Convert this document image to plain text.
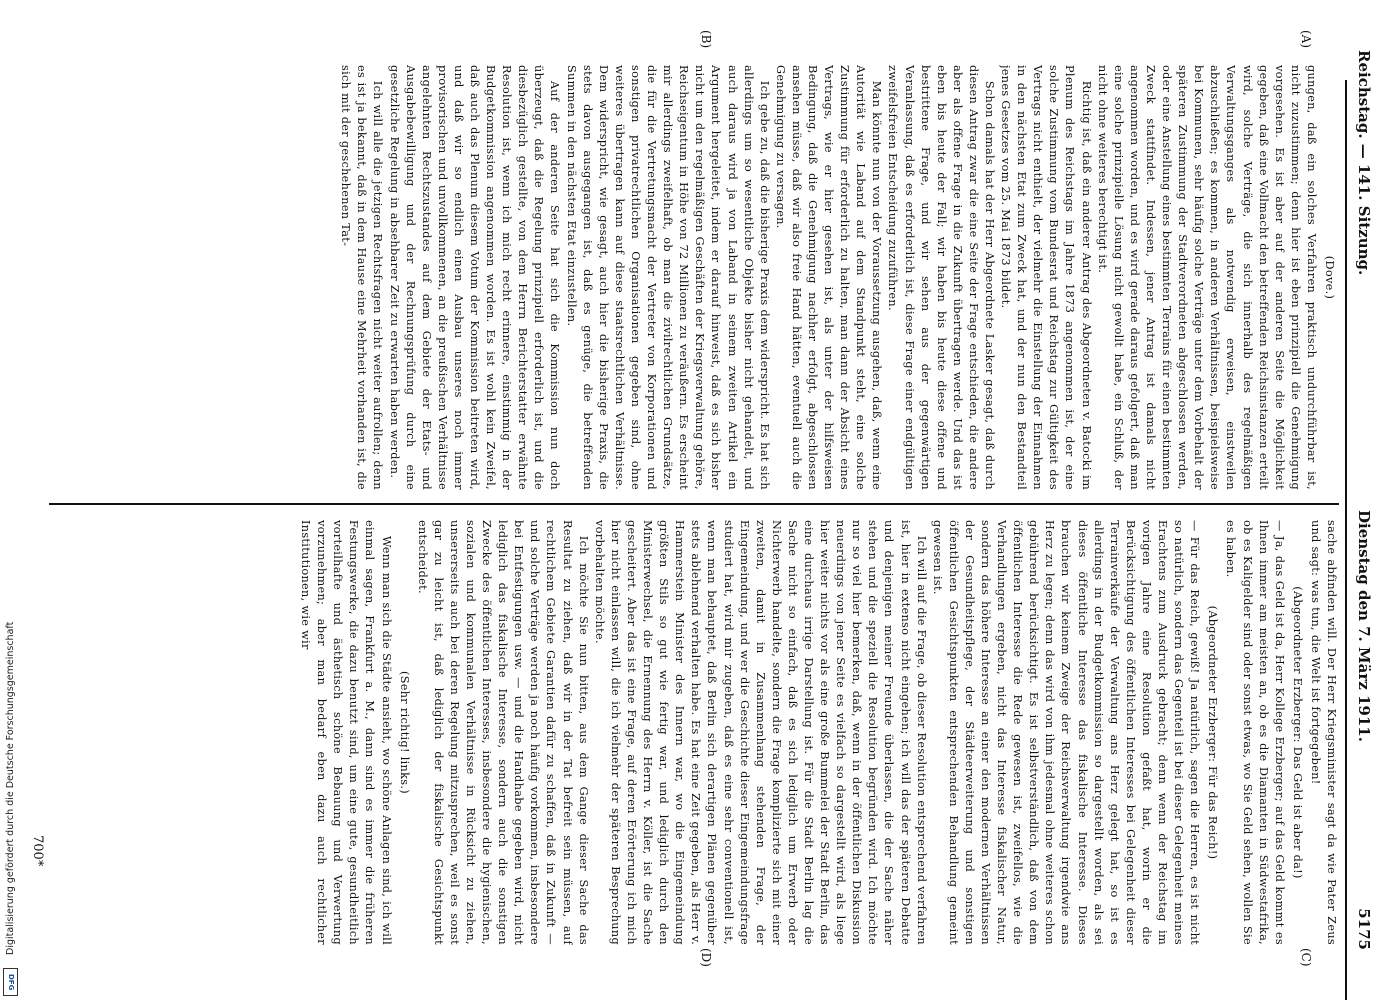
Reichstag. — 141. Sitzung.
Dienstag den 7. März 1911.
5175
(A)
(B)
(C)
(D)

(Dove.)

gungen, daß ein solches Verfahren praktisch undurchführbar ist, nicht zuzustimmen; denn hier ist eben prinzipiell die Genehmigung vorgesehen. Es ist aber auf der anderen Seite die Möglichkeit gegeben, daß eine Vollmacht den betreffenden Reichsinstanzen erteilt wird, solche Verträge, die sich innerhalb des regelmäßigen Verwaltungsganges als notwendig erweisen, einstweilen abzuschließen; es kommen, in anderen Verhältnissen, beispielsweise bei Kommunen, sehr häufig solche Verträge unter dem Vorbehalt der späteren Zustimmung der Stadtverordneten abgeschlossen werden, oder eine Anstellung eines bestimmten Terrains für einen bestimmten Zweck stattfindet. Indessen, jener Antrag ist damals nicht angenommen worden, und es wird gerade daraus gefolgert, daß man eine solche prinzipielle Lösung nicht gewollt habe, ein Schluß, der nicht ohne weiteres berechtigt ist.

Richtig ist, daß ein anderer Antrag des Abgeordneten v. Batocki im Plenum des Reichstags im Jahre 1873 angenommen ist, der eine solche Zustimmung vom Bundesrat und Reichstag zur Gültigkeit des Vertrags nicht enthielt, der vielmehr die Einstellung der Einnahmen in den nächsten Etat zum Zweck hat, und der nun den Bestandteil jenes Gesetzes vom 25. Mai 1873 bildet.

Schon damals hat der Herr Abgeordnete Lasker gesagt, daß durch diesen Antrag zwar die eine Seite der Frage entschieden, die andere aber als offene Frage in die Zukunft übertragen werde. Und das ist eben bis heute der Fall; wir haben bis heute diese offene und bestrittene Frage, und wir sehen aus der gegenwärtigen Veranlassung, daß es erforderlich ist, diese Frage einer endgültigen zweifelsfreien Entscheidung zuzuführen.

Man könnte nun von der Voraussetzung ausgehen, daß, wenn eine Autorität wie Laband auf dem Standpunkt steht, eine solche Zustimmung für erforderlich zu halten, man dann der Absicht eines Vertrags, wie er hier gesehen ist, als unter der hilfsweisen Bedingung, daß die Genehmigung nachher erfolgt, abgeschlossen ansehen müsse, daß wir also freie Hand hätten, eventuell auch die Genehmigung zu versagen.

Ich gebe zu, daß die bisherige Praxis dem widerspricht. Es hat sich allerdings um so wesentliche Objekte bisher nicht gehandelt, und auch daraus wird ja von Laband in seinem zweiten Artikel ein Argument hergeleitet, indem er darauf hinweist, daß es sich bisher nicht um den regelmäßigen Geschäften der Kriegsverwaltung gehöre, Reichseigentum in Höhe von 72 Millionen zu veräußern. Es erscheint mir allerdings zweifelhaft, ob man die zivilrechtlichen Grundsätze, die für die Vertretungsmacht der Vertreter von Korporationen und sonstigen privatrechtlichen Organisationen gegeben sind, ohne weiteres übertragen kann auf diese staatsrechtlichen Verhältnisse. Dem widerspricht, wie gesagt, auch hier die bisherige Praxis, die stets davon ausgegangen ist, daß es genüge, die betreffenden Summen in den nächsten Etat einzustellen.

Auf der anderen Seite hat sich die Kommission nun doch überzeugt, daß die Regelung prinzipiell erforderlich ist, und die diesbezüglich gestellte, von dem Herrn Berichterstatter erwähnte Resolution ist, wenn ich mich recht erinnere, einstimmig in der Budgetkommission angenommen worden. Es ist wohl kein Zweifel, daß auch das Plenum diesem Votum der Kommission beitreten wird, und daß wir so endlich einen Ausbau unseres noch immer provisorischen und unvollkommenen, an die preußischen Verhältnisse angelehnten Rechtszustandes auf dem Gebiete der Etats- und Ausgabebewilligung und der Rechnungsprüfung durch eine gesetzliche Regelung in absehbarer Zeit zu erwarten haben werden.

Ich will alle die jetzigen Rechtsfragen nicht weiter aufrollen; denn es ist ja bekannt, daß in dem Hause eine Mehrheit vorhanden ist, die sich mit der geschehenen Tat-

sache abfinden will. Der Herr Kriegsminister sagt da wie Pater Zeus und sagt: was tun, die Welt ist fortgegeben!

(Abgeordneter Erzberger: Das Geld ist aber da!)

— Ja, das Geld ist da, Herr Kollege Erzberger; auf das Geld kommt es Ihnen immer am meisten an, ob es die Diamanten in Südwestafrika, ob es Kaligelder sind oder sonst etwas, wo Sie Geld sehen, wollen Sie es haben.

(Abgeordneter Erzberger: Für das Reich!)

— Für das Reich, gewiß! Ja natürlich, sagen die Herren, es ist nicht so natürlich, sondern das Gegenteil ist bei dieser Gelegenheit meines Erachtens zum Ausdruck gebracht; denn wenn der Reichstag im vorigen Jahre eine Resolution gefaßt hat, worin er die Berücksichtigung des öffentlichen Interesses bei Gelegenheit dieser Terrainverkäufe der Verwaltung ans Herz gelegt hat, so ist es allerdings in der Budgetkommission so dargestellt worden, als sei dieses öffentliche Interesse das fiskalische Interesse. Dieses brauchen wir keinem Zweige der Reichsverwaltung irgendwie ans Herz zu legen; denn das wird von ihm jedesmal ohne weiteres schon gebührend berücksichtigt. Es ist selbstverständlich, daß von dem öffentlichen Interesse die Rede gewesen ist, zweifellos, wie die Verhandlungen ergeben, nicht das Interesse fiskalischer Natur, sondern das höhere Interesse an einer den modernen Verhältnissen der Gesundheitspflege, der Städteerweiterung und sonstigen öffentlichen Gesichtspunkten entsprechenden Behandlung gemeint gewesen ist.

Ich will auf die Frage, ob dieser Resolution entsprechend verfahren ist, hier in extenso nicht eingehen; ich will das der späteren Debatte und denjenigen meiner Freunde überlassen, die der Sache näher stehen und die speziell die Resolution begründen wird. Ich möchte nur so viel hier bemerken, daß, wenn in der öffentlichen Diskussion neuerdings von jener Seite es vielfach so dargestellt wird, als liege hier weiter nichts vor als eine große Bummelei der Stadt Berlin, das eine durchaus irrige Darstellung ist. Für die Stadt Berlin lag die Sache nicht so einfach, daß es sich lediglich um Erwerb oder Nichterwerb handelte, sondern die Frage komplizierte sich mit einer zweiten, damit in Zusammenhang stehenden Frage, der Eingemeindung, und wer die Geschichte dieser Eingemeindungsfrage studiert hat, wird mir zugeben, daß es eine sehr conventionell ist, wenn man behauptet, daß Berlin sich derartigen Plänen gegenüber stets ablehnend verhalten habe. Es hat eine Zeit gegeben, als Herr v. Hammerstein Minister des Innern war, wo die Eingemeindung größten Stils so gut wie fertig war, und lediglich durch den Ministerwechsel, die Ernennung des Herrn v. Köller, ist die Sache gescheitert. Aber das ist eine Frage, auf deren Erörterung ich mich hier nicht einlassen will, die ich vielmehr der späteren Besprechung vorbehalten möchte.

Ich möchte Sie nun bitten, aus dem Gange dieser Sache das Resultat zu ziehen, daß wir in der Tat befreit sein müssen, auf rechtlichem Gebiete Garantien dafür zu schaffen, daß in Zukunft — und solche Verträge werden ja noch häufig vorkommen, insbesondere bei Entfestigungen usw. — und die Handhabe gegeben wird, nicht lediglich das fiskalische Interesse, sondern auch die sonstigen Zwecke des öffentlichen Interesses, insbesondere die hygienischen, sozialen und kommunalen Verhältnisse in Rücksicht zu ziehen, unsererseits auch bei deren Regelung mitzusprechen, weil es sonst gar zu leicht ist, daß lediglich der fiskalische Gesichtspunkt entscheidet.

(Sehr richtig! links.)

Wenn man sich die Städte ansieht, wo schöne Anlagen sind, ich will einmal sagen, Frankfurt a. M., dann sind es immer die früheren Festungswerke, die dazu benutzt sind, um eine gute, gesundheitlich vorteilhafte und ästhetisch schöne Bebauung und Verwertung vorzunehmen; aber man bedarf eben dazu auch rechtlicher Institutionen, wie wir

700*
Digitalisierung gefördert durch die Deutsche Forschungsgemeinschaft
DFG
